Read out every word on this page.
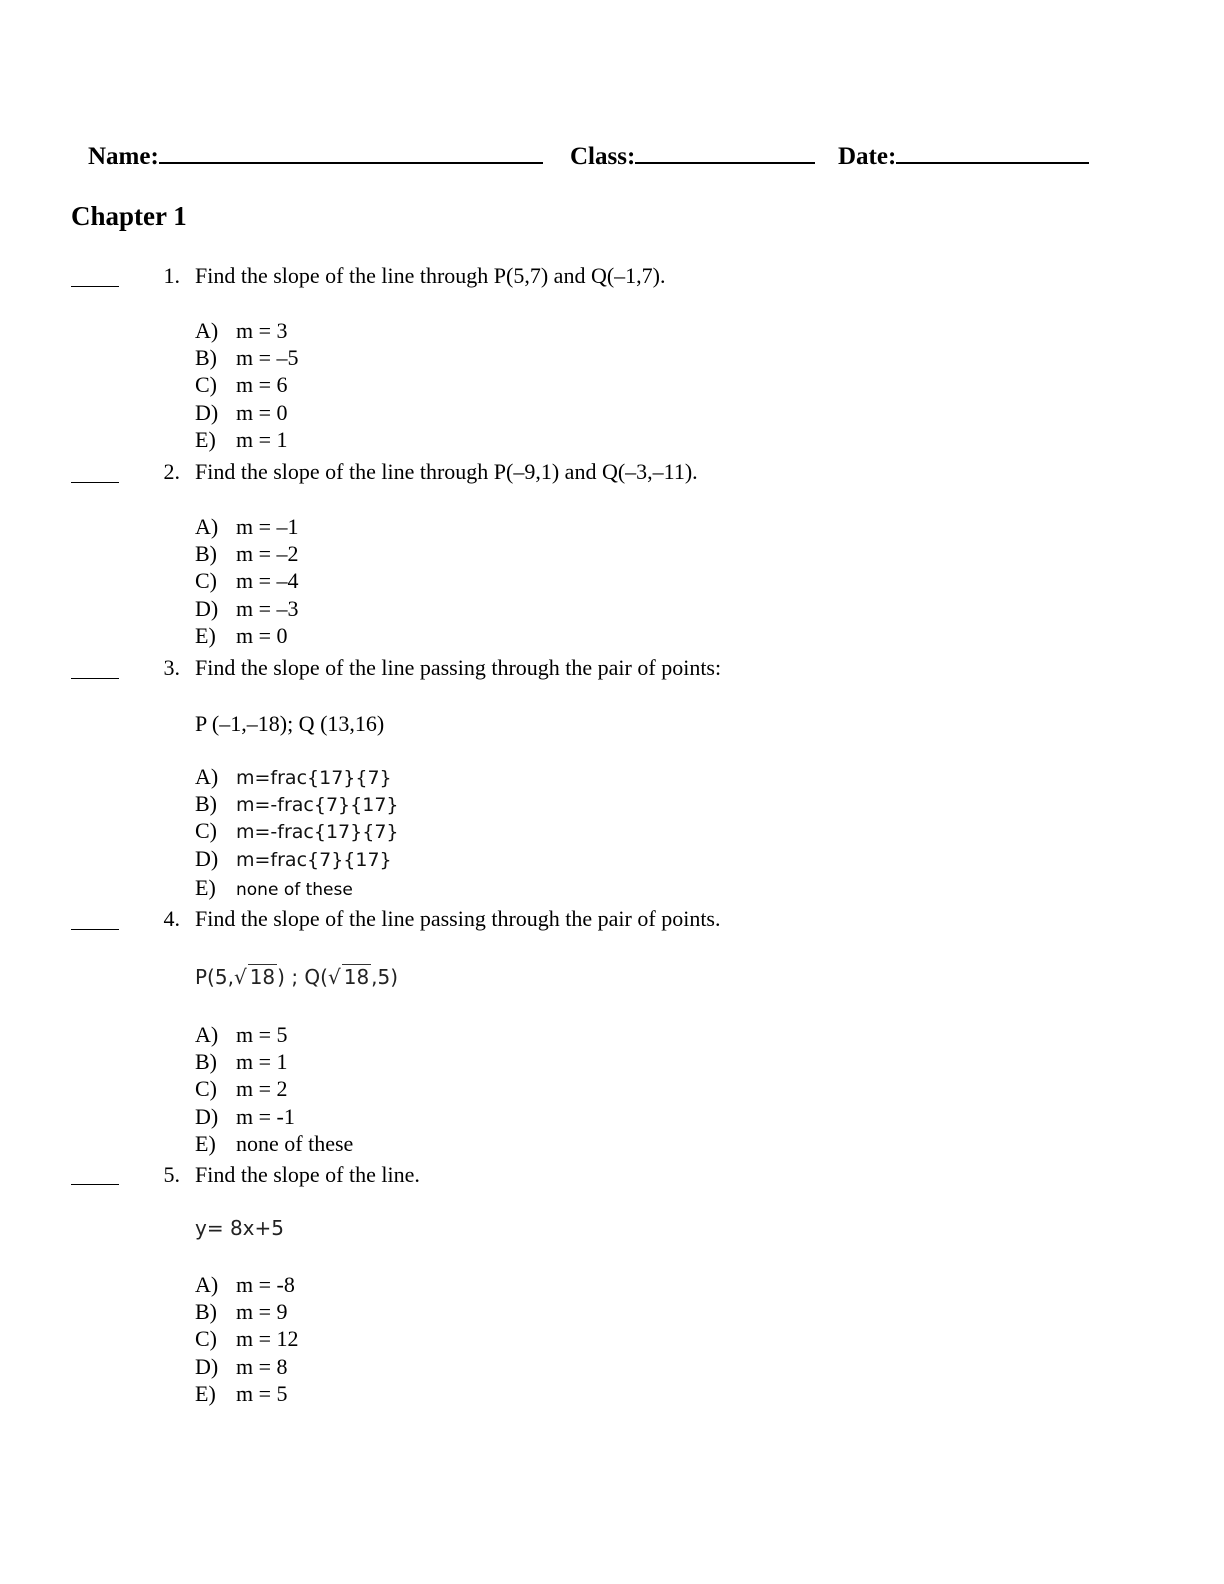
Name:	Class:	Date:
Chapter 1
1. Find the slope of the line through P(5,7) and Q(–1,7).
A) m = 3
B) m = –5
C) m = 6
D) m = 0
E) m = 1
2. Find the slope of the line through P(–9,1) and Q(–3,–11).
A) m = –1
B) m = –2
C) m = –4
D) m = –3
E) m = 0
3. Find the slope of the line passing through the pair of points:
P (–1,–18); Q (13,16)
A) m=frac{17}{7}
B) m=-frac{7}{17}
C) m=-frac{17}{7}
D) m=frac{7}{17}
E) none of these
4. Find the slope of the line passing through the pair of points.
P(5,√ 18 ) ; Q(√ 18 ,5)
A) m = 5
B) m = 1
C) m = 2
D) m = -1
E) none of these
5. Find the slope of the line.
y= 8x+5
A) m = -8
B) m = 9
C) m = 12
D) m = 8
E) m = 5
